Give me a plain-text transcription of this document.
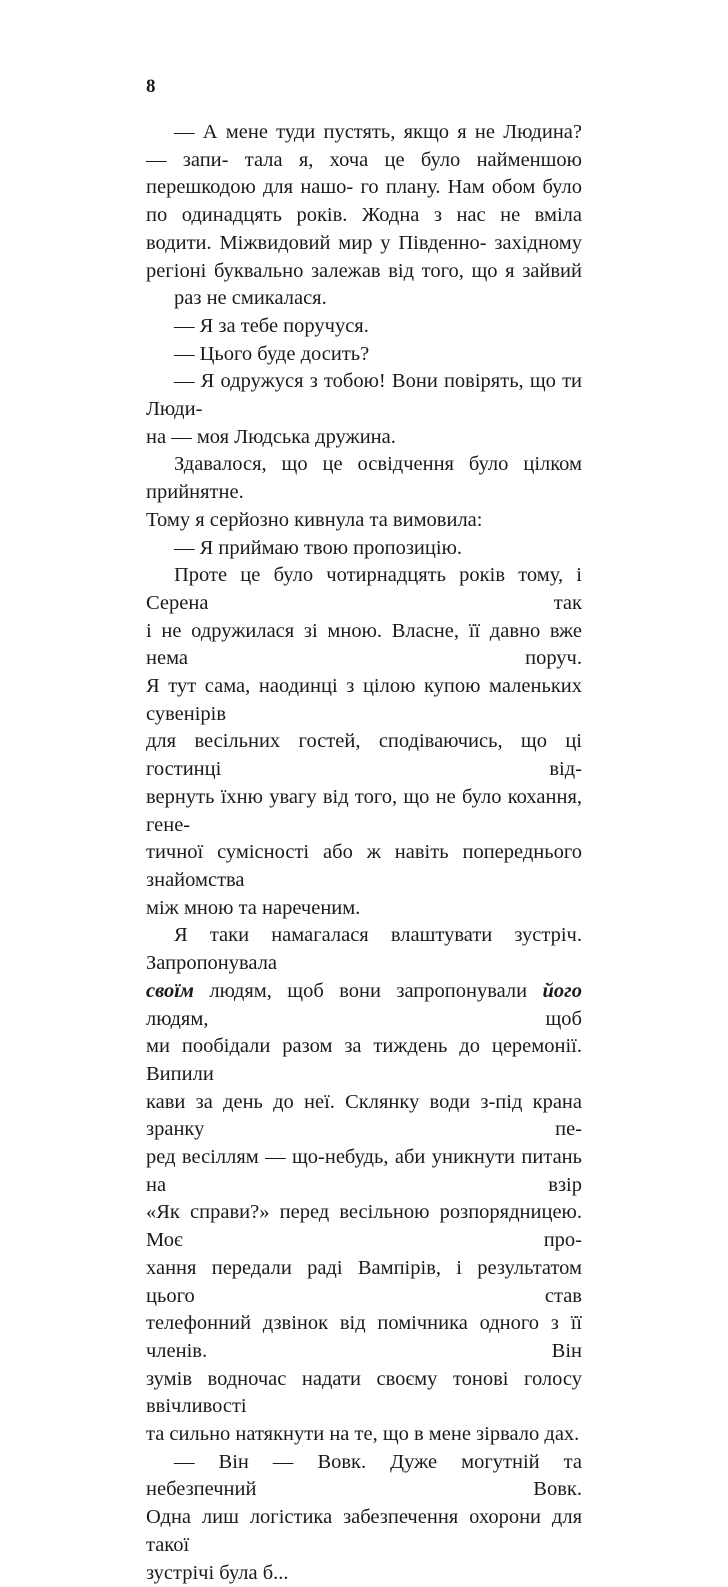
8

— А мене туди пустять, якщо я не Людина? — запи- тала я, хоча це було найменшою перешкодою для нашо- го плану. Нам обом було по одинадцять років. Жодна з нас не вміла водити. Міжвидовий мир у Південно- західному регіоні буквально залежав від того, що я зайвий

раз не смикалася.

— Я за тебе поручуся.

— Цього буде досить?

— Я одружуся з тобою! Вони повірять, що ти Люди-

на — моя Людська дружина.

Здавалося, що це освідчення було цілком прийнятне.

Тому я серйозно кивнула та вимовила:

— Я приймаю твою пропозицію.

Проте це було чотирнадцять років тому, і Серена так

і не одружилася зі мною. Власне, її давно вже нема поруч.

Я тут сама, наодинці з цілою купою маленьких сувенірів

для весільних гостей, сподіваючись, що ці гостинці від-

вернуть їхню увагу від того, що не було кохання, генe-

тичної сумісності або ж навіть попереднього знайомства

між мною та нареченим.

Я таки намагалася влаштувати зустріч. Запропонувала

своїм людям, щоб вони запропонували його людям, щоб

ми пообідали разом за тиждень до церемонії. Випили

кави за день до неї. Склянку води з-під крана зранку пе-

ред весіллям — що-небудь, аби уникнути питань на взір

«Як справи?» перед весільною розпорядницею. Моє про-

хання передали раді Вампірів, і результатом цього став

телефонний дзвінок від помічника одного з її членів. Він

зумів водночас надати своєму тонові голосу ввічливості

та сильно натякнути на те, що в мене зірвало дах.

— Він — Вовк. Дуже могутній та небезпечний Вовк.

Одна лиш логістика забезпечення охорони для такої

зустрічі була б...
